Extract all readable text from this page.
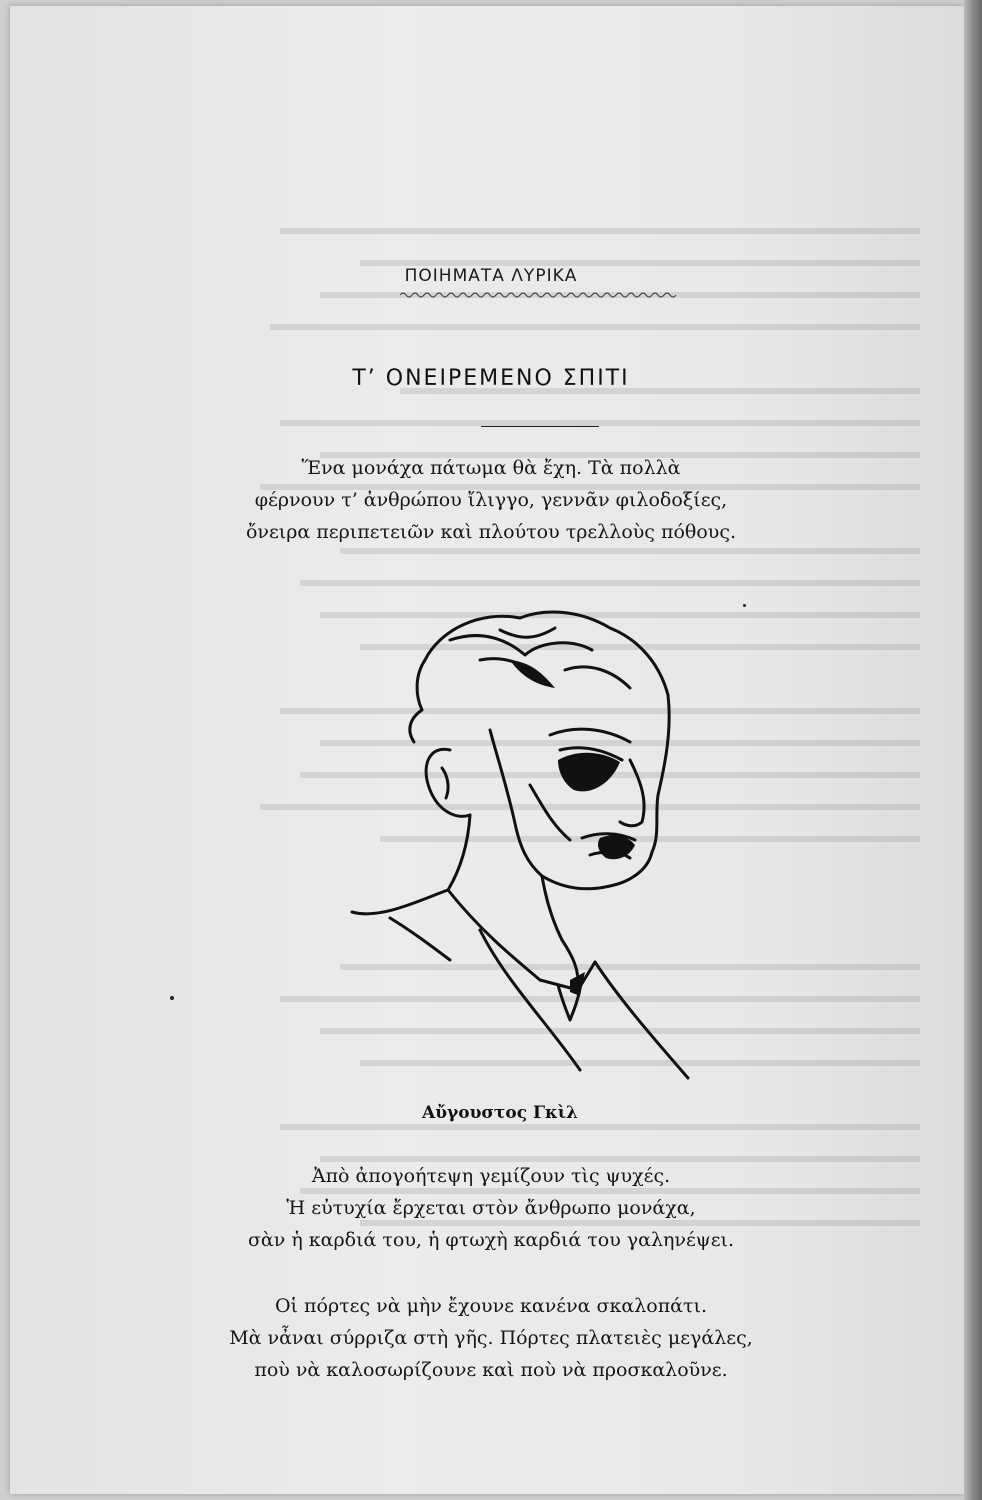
ΠΟΙΗΜΑΤΑ ΛΥΡΙΚΑ
Τ’ ΟΝΕΙΡΕΜΕΝΟ ΣΠΙΤΙ
Ἕνα μονάχα πάτωμα θὰ ἔχη. Τὰ πολλὰ
φέρνουν τ’ ἀνθρώπου ἴλιγγο, γεννᾶν φιλοδοξίες,
ὄνειρα περιπετειῶν καὶ πλούτου τρελλοὺς πόθους.
Αὔγουστος Γκὶλ
Ἀπὸ ἀπογοήτεψη γεμίζουν τὶς ψυχές.
Ἡ εὐτυχία ἔρχεται στὸν ἄνθρωπο μονάχα,
σὰν ἡ καρδιά του, ἡ φτωχὴ καρδιά του γαληνέψει.
Οἱ πόρτες νὰ μὴν ἔχουνε κανένα σκαλοπάτι.
Μὰ νἆναι σύρριζα στὴ γῆς. Πόρτες πλατειὲς μεγάλες,
ποὺ νὰ καλοσωρίζουνε καὶ ποὺ νὰ προσκαλοῦνε.
